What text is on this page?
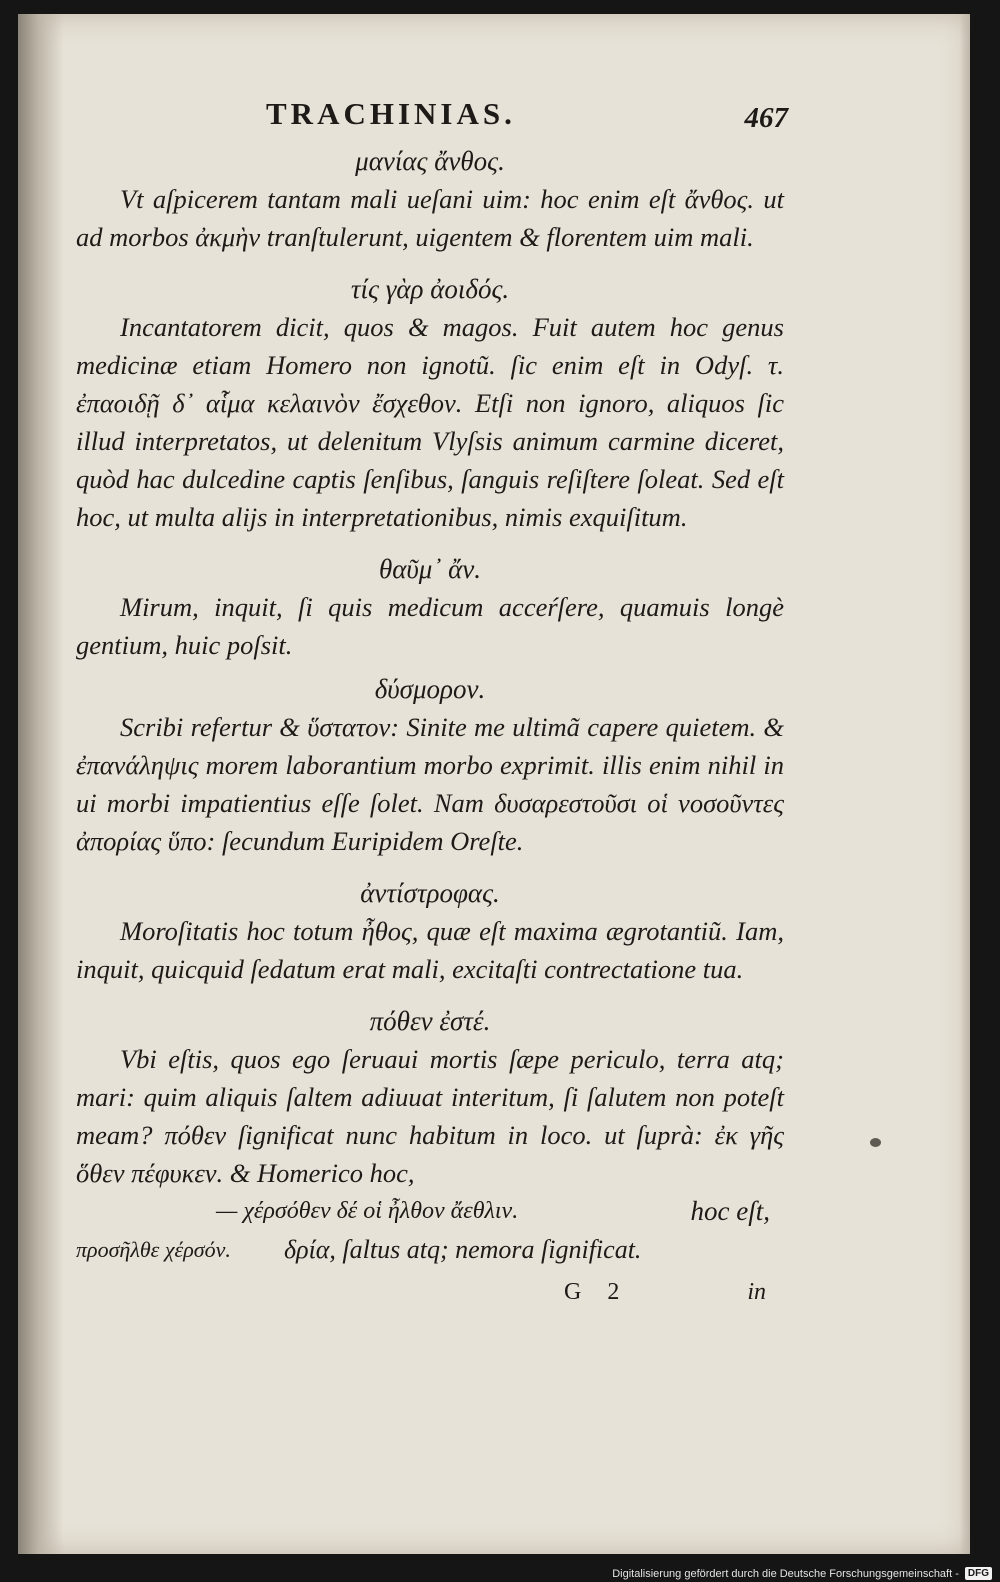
TRACHINIAS.	467

μανίας ἄνθος.

Vt aſpicerem tantam mali ueſani uim: hoc enim eſt ἄνθος. ut ad morbos ἀκμὴν tranſtulerunt, uigentem & florentem uim mali.

τίς γὰρ ἀοιδός.

Incantatorem dicit, quos & magos. Fuit autem hoc genus medicinæ etiam Homero non ignotũ. ſic enim eſt in Odyſ. τ. ἐπαοιδῇ δ᾽ αἷμα κελαινὸν ἔσχεθον. Etſi non ignoro, aliquos ſic illud interpretatos, ut delenitum Vlyſsis animum carmine diceret, quòd hac dulcedine captis ſenſibus, ſanguis reſiſtere ſoleat. Sed eſt hoc, ut multa alijs in interpretationibus, nimis exquiſitum.

θαῦμ᾽ ἄν.

Mirum, inquit, ſi quis medicum acceŕſere, quamuis longè gentium, huic poſsit.

δύσμορον.

Scribi refertur & ὕστατον: Sinite me ultimã capere quietem. & ἐπανάληψις morem laborantium morbo exprimit. illis enim nihil in ui morbi impatientius eſſe ſolet. Nam δυσαρεστοῦσι οἱ νοσοῦντες ἀπορίας ὕπο: ſecundum Euripidem Oreſte.

ἀντίστροφας.

Moroſitatis hoc totum ἦθος, quæ eſt maxima ægrotantiũ. Iam, inquit, quicquid ſedatum erat mali, excitaſti contrectatione tua.

πόθεν ἐστέ.

Vbi eſtis, quos ego ſeruaui mortis ſæpe periculo, terra atq; mari: quim aliquis ſaltem adiuuat interitum, ſi ſalutem non poteſt meam? πόθεν ſignificat nunc habitum in loco. ut ſuprà: ἐκ γῆς ὅθεν πέφυκεν. & Homerico hoc,

— χέρσόθεν δέ οἱ ἦλθον ἄεθλιν.	hoc eſt,
προσῆλθε χέρσόν. δρία, ſaltus atq; nemora ſignificat.
G 2	in
Digitalisierung gefördert durch die Deutsche Forschungsgemeinschaft - DFG
